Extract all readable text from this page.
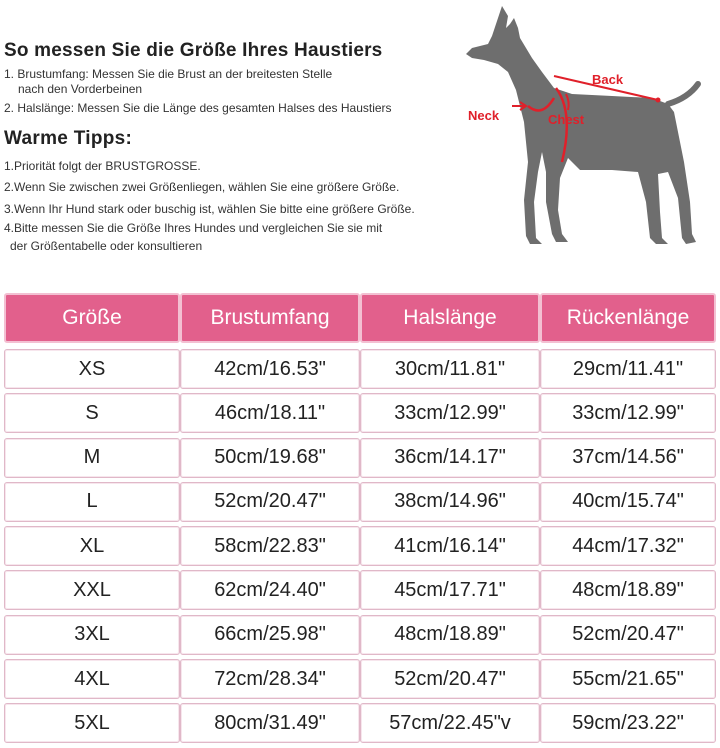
So messen Sie die Größe Ihres Haustiers
1. Brustumfang: Messen Sie die Brust an der breitesten Stelle
nach den Vorderbeinen
2. Halslänge: Messen Sie die Länge des gesamten Halses des Haustiers
Warme Tipps:
1.Priorität folgt der BRUSTGROSSE.
2.Wenn Sie zwischen zwei Größenliegen, wählen Sie eine größere Größe.
3.Wenn Ihr Hund stark oder buschig ist, wählen Sie bitte eine größere Größe.
4.Bitte messen Sie die Größe Ihres Hundes und vergleichen Sie sie mit
der Größentabelle oder konsultieren
Back
Neck	Chest
Größe	Brustumfang	Halslänge	Rückenlänge
XS	42cm/16.53"	30cm/11.81"	29cm/11.41"
S	46cm/18.11"	33cm/12.99"	33cm/12.99"
M	50cm/19.68"	36cm/14.17"	37cm/14.56"
L	52cm/20.47"	38cm/14.96"	40cm/15.74"
XL	58cm/22.83"	41cm/16.14"	44cm/17.32"
XXL	62cm/24.40"	45cm/17.71"	48cm/18.89"
3XL	66cm/25.98"	48cm/18.89"	52cm/20.47"
4XL	72cm/28.34"	52cm/20.47"	55cm/21.65"
5XL	80cm/31.49"	57cm/22.45"v	59cm/23.22"
